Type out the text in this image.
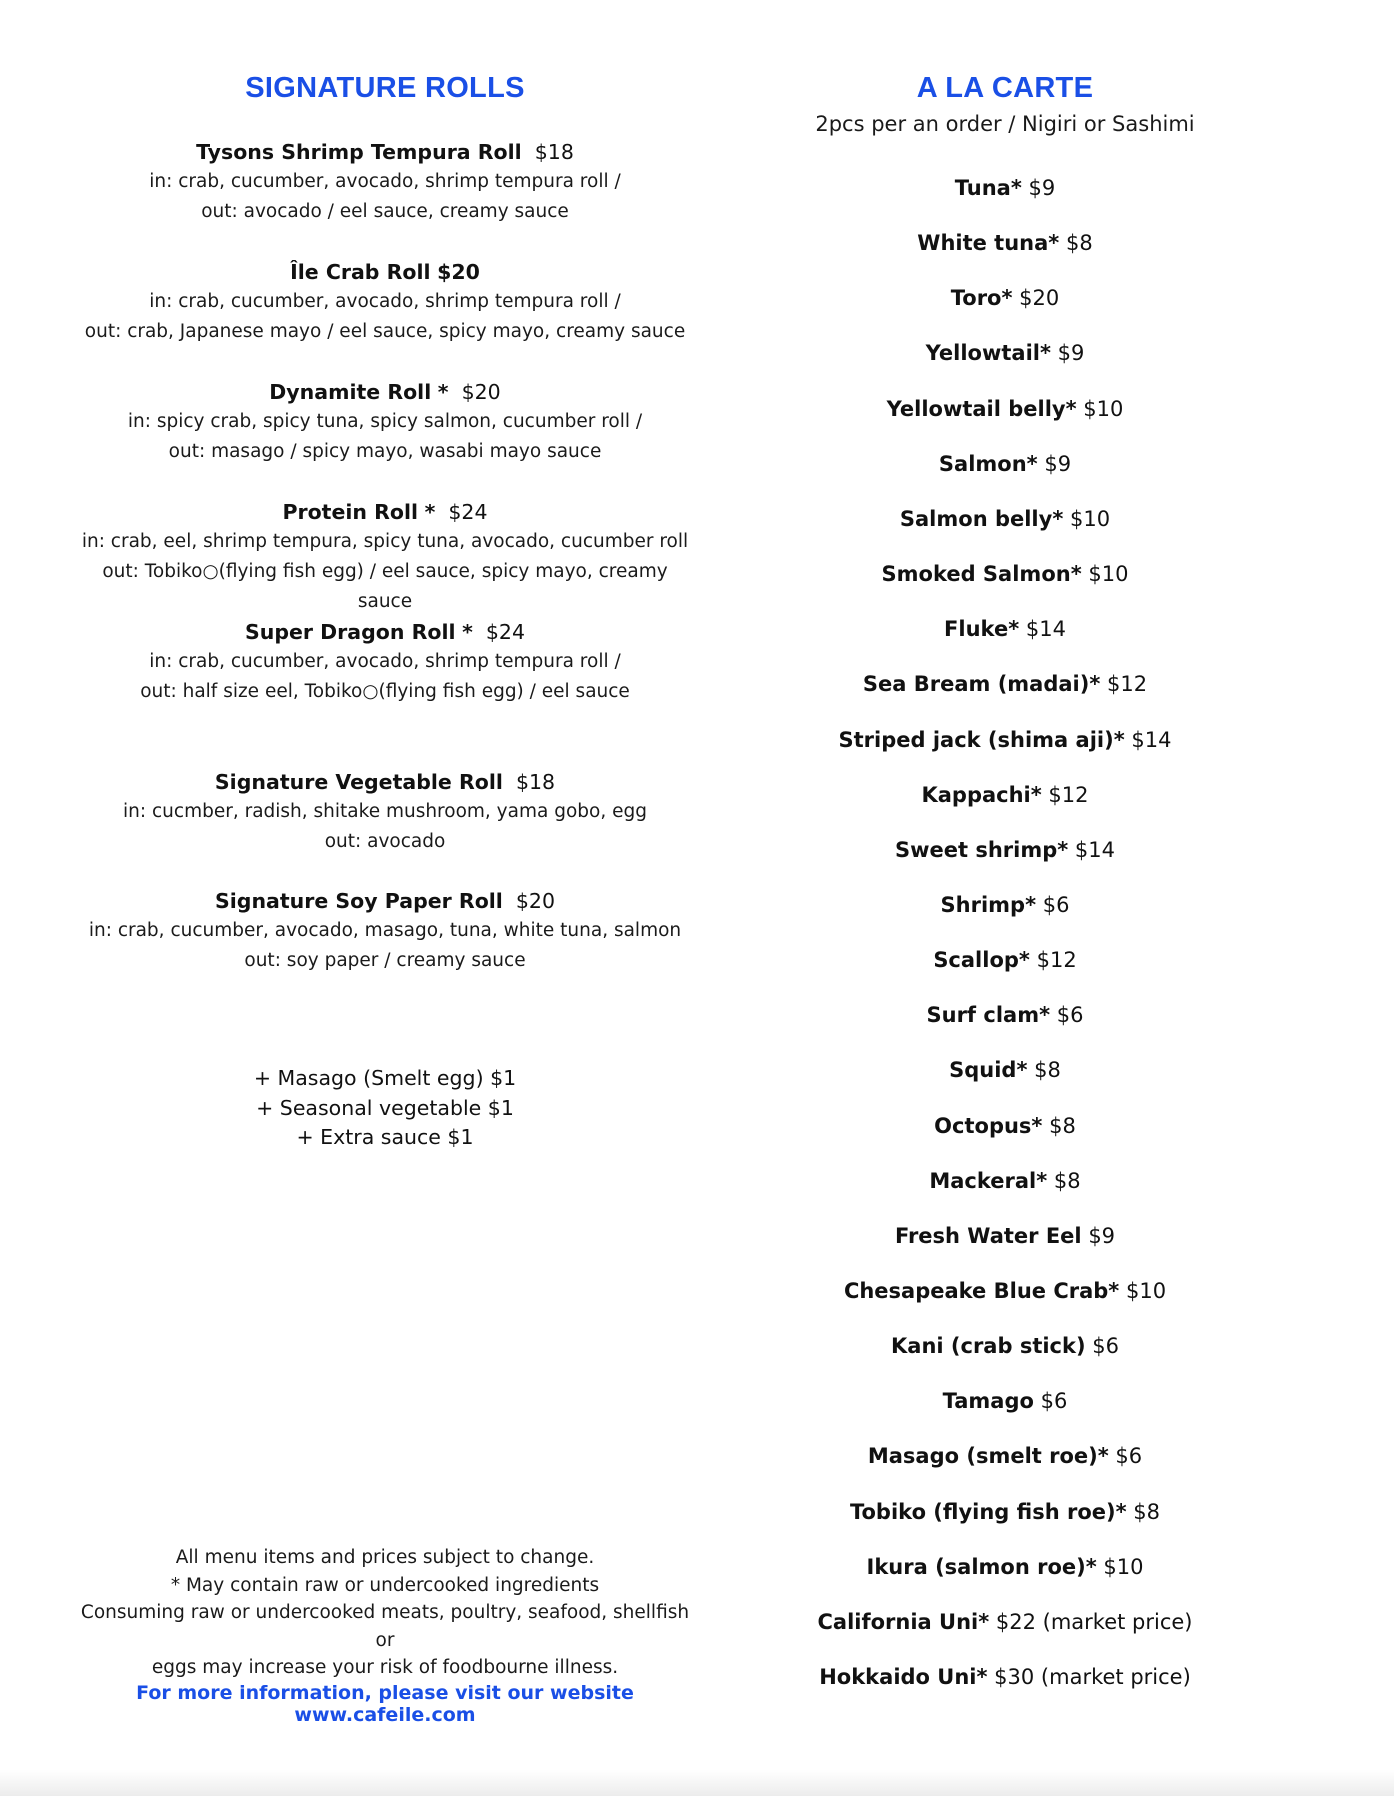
SIGNATURE ROLLS
Tysons Shrimp Tempura Roll $18
in: crab, cucumber, avocado, shrimp tempura roll /
out: avocado / eel sauce, creamy sauce
Île Crab Roll $20
in: crab, cucumber, avocado, shrimp tempura roll /
out: crab, Japanese mayo / eel sauce, spicy mayo, creamy sauce
Dynamite Roll * $20
in: spicy crab, spicy tuna, spicy salmon, cucumber roll /
out: masago / spicy mayo, wasabi mayo sauce
Protein Roll * $24
in: crab, eel, shrimp tempura, spicy tuna, avocado, cucumber roll
out: Tobiko○(flying fish egg) / eel sauce, spicy mayo, creamy sauce
Super Dragon Roll * $24
in: crab, cucumber, avocado, shrimp tempura roll /
out: half size eel, Tobiko○(flying fish egg) / eel sauce
Signature Vegetable Roll $18
in: cucmber, radish, shitake mushroom, yama gobo, egg
out: avocado
Signature Soy Paper Roll $20
in: crab, cucumber, avocado, masago, tuna, white tuna, salmon
out: soy paper / creamy sauce
+ Masago (Smelt egg) $1
+ Seasonal vegetable $1
+ Extra sauce $1
All menu items and prices subject to change.
* May contain raw or undercooked ingredients
Consuming raw or undercooked meats, poultry, seafood, shellfish or
eggs may increase your risk of foodbourne illness.
For more information, please visit our website www.cafeile.com
A LA CARTE
2pcs per an order / Nigiri or Sashimi
Tuna* $9
White tuna* $8
Toro* $20
Yellowtail* $9
Yellowtail belly* $10
Salmon* $9
Salmon belly* $10
Smoked Salmon* $10
Fluke* $14
Sea Bream (madai)* $12
Striped jack (shima aji)* $14
Kappachi* $12
Sweet shrimp* $14
Shrimp* $6
Scallop* $12
Surf clam* $6
Squid* $8
Octopus* $8
Mackeral* $8
Fresh Water Eel $9
Chesapeake Blue Crab* $10
Kani (crab stick) $6
Tamago $6
Masago (smelt roe)* $6
Tobiko (flying fish roe)* $8
Ikura (salmon roe)* $10
California Uni* $22 (market price)
Hokkaido Uni* $30 (market price)
